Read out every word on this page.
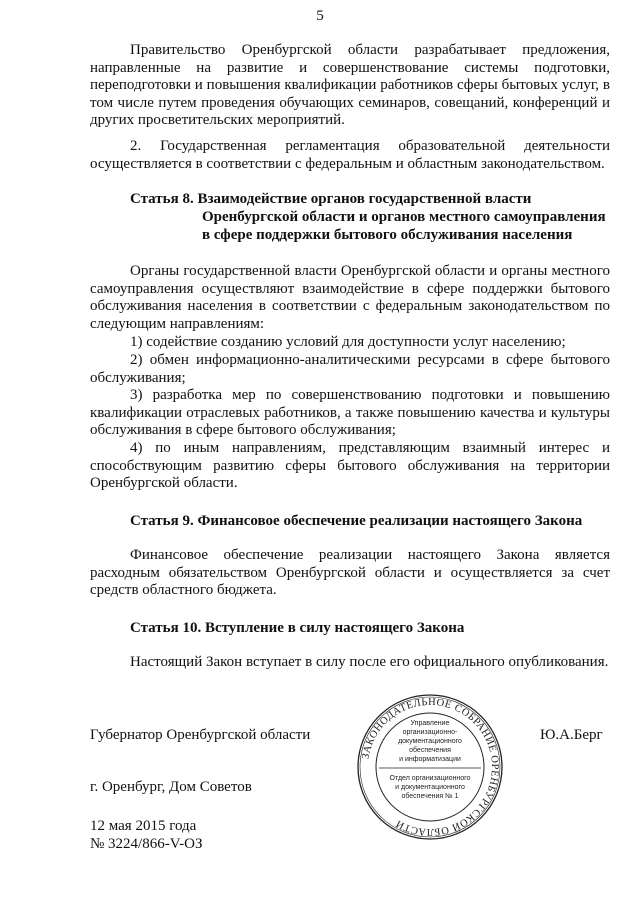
5
Правительство Оренбургской области разрабатывает предложения, направленные на развитие и совершенствование системы подготовки, переподготовки и повышения квалификации работников сферы бытовых услуг, в том числе путем проведения обучающих семинаров, совещаний, конференций и других просветительских мероприятий.
2. Государственная регламентация образовательной деятельности осуществляется в соответствии с федеральным и областным законодательством.
Статья 8. Взаимодействие органов государственной власти
Оренбургской области и органов местного самоуправления
в сфере поддержки бытового обслуживания населения
Органы государственной власти Оренбургской области и органы местного самоуправления осуществляют взаимодействие в сфере поддержки бытового обслуживания населения в соответствии с федеральным законодательством по следующим направлениям:
1) содействие созданию условий для доступности услуг населению;
2) обмен информационно-аналитическими ресурсами в сфере бытового обслуживания;
3) разработка мер по совершенствованию подготовки и повышению квалификации отраслевых работников, а также повышению качества и культуры обслуживания в сфере бытового обслуживания;
4) по иным направлениям, представляющим взаимный интерес и способствующим развитию сферы бытового обслуживания на территории Оренбургской области.
Статья 9. Финансовое обеспечение реализации настоящего Закона
Финансовое обеспечение реализации настоящего Закона является расходным обязательством Оренбургской области и осуществляется за счет средств областного бюджета.
Статья 10. Вступление в силу настоящего Закона
Настоящий Закон вступает в силу после его официального опубликования.
Губернатор Оренбургской области	Ю.А.Берг
г. Оренбург, Дом Советов
12 мая 2015 года
№ 3224/866-V-ОЗ
ЗАКОНОДАТЕЛЬНОЕ СОБРАНИЕ ОРЕНБУРГСКОЙ ОБЛАСТИ
Управление
организационно-
документационного
обеспечения
и информатизации
Отдел организационного
и документационного
обеспечения № 1
